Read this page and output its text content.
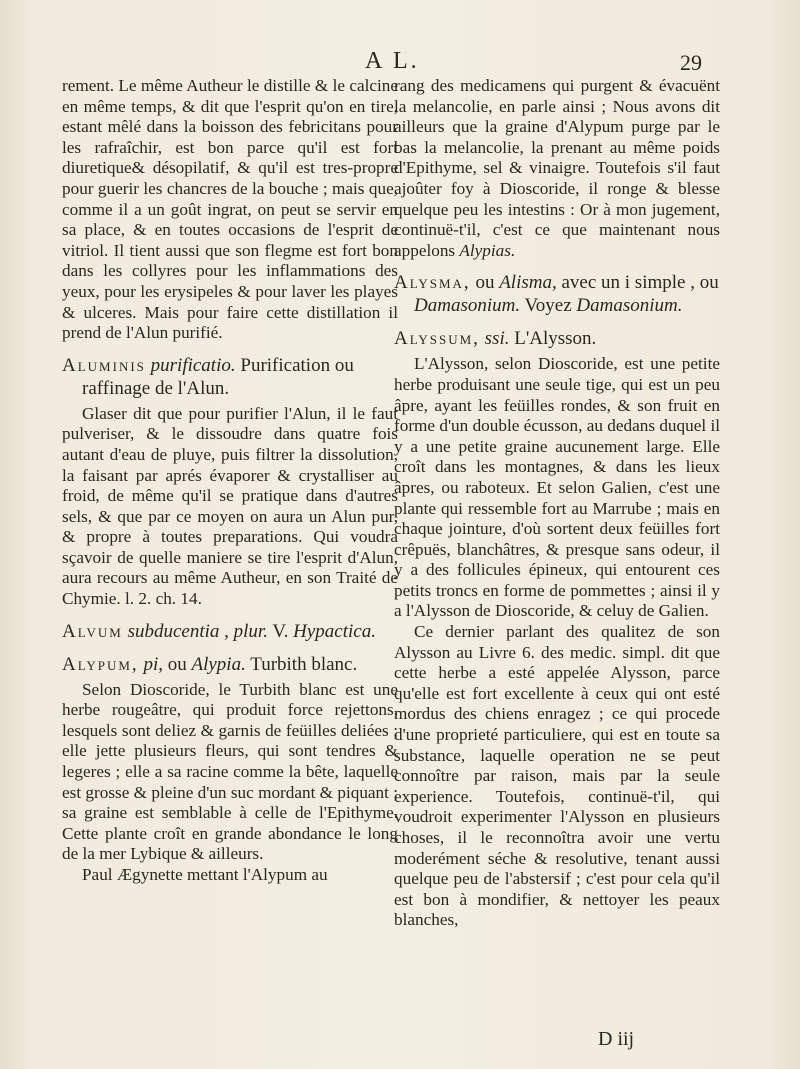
A L.	29

rement. Le même Autheur le distille & le calcine en même temps, & dit que l'esprit qu'on en tire, estant mêlé dans la boisson des febricitans pour les rafraîchir, est bon parce qu'il est fort diuretique& désopilatif, & qu'il est tres-propre pour guerir les chancres de la bouche ; mais que, comme il a un goût ingrat, on peut se servir en sa place, & en toutes occasions de l'esprit de vitriol. Il tient aussi que son flegme est fort bon dans les collyres pour les inflammations des yeux, pour les erysipeles & pour laver les playes & ulceres. Mais pour faire cette distillation il prend de l'Alun purifié.

Aluminis purificatio. Purification ou raffinage de l'Alun.

Glaser dit que pour purifier l'Alun, il le faut pulveriser, & le dissoudre dans quatre fois autant d'eau de pluye, puis filtrer la dissolution, la faisant par aprés évaporer & crystalliser au froid, de même qu'il se pratique dans d'autres sels, & que par ce moyen on aura un Alun pur, & propre à toutes preparations. Qui voudra sçavoir de quelle maniere se tire l'esprit d'Alun, aura recours au même Autheur, en son Traité de Chymie. l. 2. ch. 14.

Alvum subducentia , plur. V. Hypactica.
Alypum, pi, ou Alypia. Turbith blanc.

Selon Dioscoride, le Turbith blanc est une herbe rougeâtre, qui produit force rejettons, lesquels sont deliez & garnis de feüilles deliées ; elle jette plusieurs fleurs, qui sont tendres & legeres ; elle a sa racine comme la bête, laquelle est grosse & pleine d'un suc mordant & piquant ; sa graine est semblable à celle de l'Epithyme. Cette plante croît en grande abondance le long de la mer Lybique & ailleurs.

Paul Ægynette mettant l'Alypum au

rang des medicamens qui purgent & évacuënt la melancolie, en parle ainsi ; Nous avons dit ailleurs que la graine d'Alypum purge par le bas la melancolie, la prenant au même poids d'Epithyme, sel & vinaigre. Toutefois s'il faut ajoûter foy à Dioscoride, il ronge & blesse quelque peu les intestins : Or à mon jugement, continuë-t'il, c'est ce que maintenant nous appelons Alypias.

Alysma, ou Alisma, avec un i simple , ou Damasonium. Voyez Damasonium.
Alyssum, ssi. L'Alysson.

L'Alysson, selon Dioscoride, est une petite herbe produisant une seule tige, qui est un peu âpre, ayant les feüilles rondes, & son fruit en forme d'un double écusson, au dedans duquel il y a une petite graine aucunement large. Elle croît dans les montagnes, & dans les lieux âpres, ou raboteux. Et selon Galien, c'est une plante qui ressemble fort au Marrube ; mais en chaque jointure, d'où sortent deux feüilles fort crêpuës, blanchâtres, & presque sans odeur, il y a des follicules épineux, qui entourent ces petits troncs en forme de pommettes ; ainsi il y a l'Alysson de Dioscoride, & celuy de Galien.

Ce dernier parlant des qualitez de son Alysson au Livre 6. des medic. simpl. dit que cette herbe a esté appelée Alysson, parce qu'elle est fort excellente à ceux qui ont esté mordus des chiens enragez ; ce qui procede d'une proprieté particuliere, qui est en toute sa substance, laquelle operation ne se peut connoître par raison, mais par la seule experience. Toutefois, continuë-t'il, qui voudroit experimenter l'Alysson en plusieurs choses, il le reconnoîtra avoir une vertu moderément séche & resolutive, tenant aussi quelque peu de l'abstersif ; c'est pour cela qu'il est bon à mondifier, & nettoyer les peaux blanches,

D iij
